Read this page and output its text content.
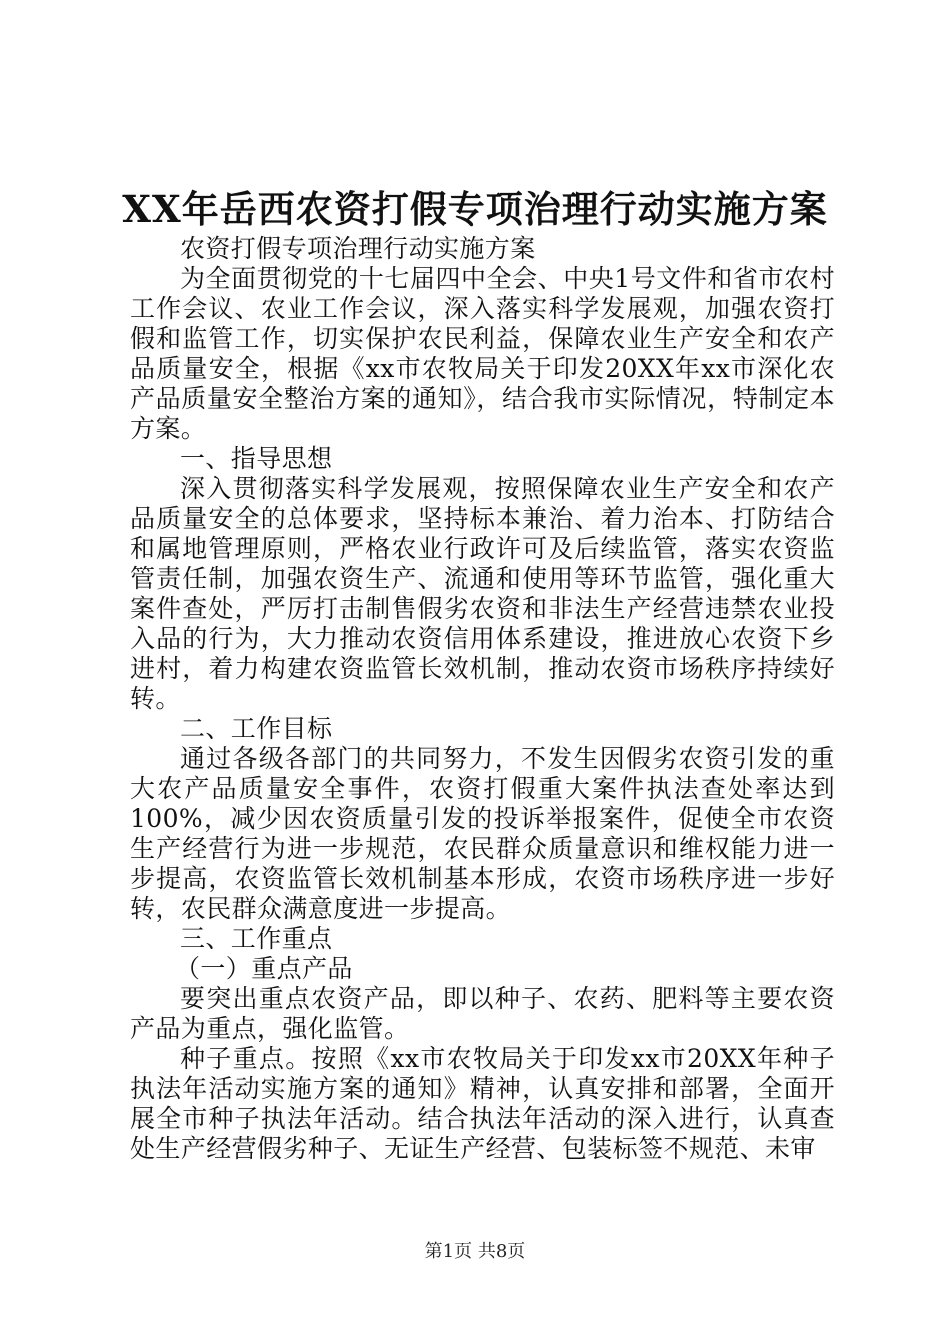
XX年岳西农资打假专项治理行动实施方案

农资打假专项治理行动实施方案

为全面贯彻党的十七届四中全会、中央1号文件和省市农村工作会议、农业工作会议，深入落实科学发展观，加强农资打假和监管工作，切实保护农民利益，保障农业生产安全和农产品质量安全，根据《xx市农牧局关于印发20XX年xx市深化农产品质量安全整治方案的通知》，结合我市实际情况，特制定本方案。

一、指导思想

深入贯彻落实科学发展观，按照保障农业生产安全和农产品质量安全的总体要求，坚持标本兼治、着力治本、打防结合和属地管理原则，严格农业行政许可及后续监管，落实农资监管责任制，加强农资生产、流通和使用等环节监管，强化重大案件查处，严厉打击制售假劣农资和非法生产经营违禁农业投入品的行为，大力推动农资信用体系建设，推进放心农资下乡进村，着力构建农资监管长效机制，推动农资市场秩序持续好转。

二、工作目标

通过各级各部门的共同努力，不发生因假劣农资引发的重大农产品质量安全事件，农资打假重大案件执法查处率达到100%，减少因农资质量引发的投诉举报案件，促使全市农资生产经营行为进一步规范，农民群众质量意识和维权能力进一步提高，农资监管长效机制基本形成，农资市场秩序进一步好转，农民群众满意度进一步提高。

三、工作重点

（一）重点产品

要突出重点农资产品，即以种子、农药、肥料等主要农资产品为重点，强化监管。

种子重点。按照《xx市农牧局关于印发xx市20XX年种子执法年活动实施方案的通知》精神，认真安排和部署，全面开展全市种子执法年活动。结合执法年活动的深入进行，认真查处生产经营假劣种子、无证生产经营、包装标签不规范、未审

第1页 共8页
